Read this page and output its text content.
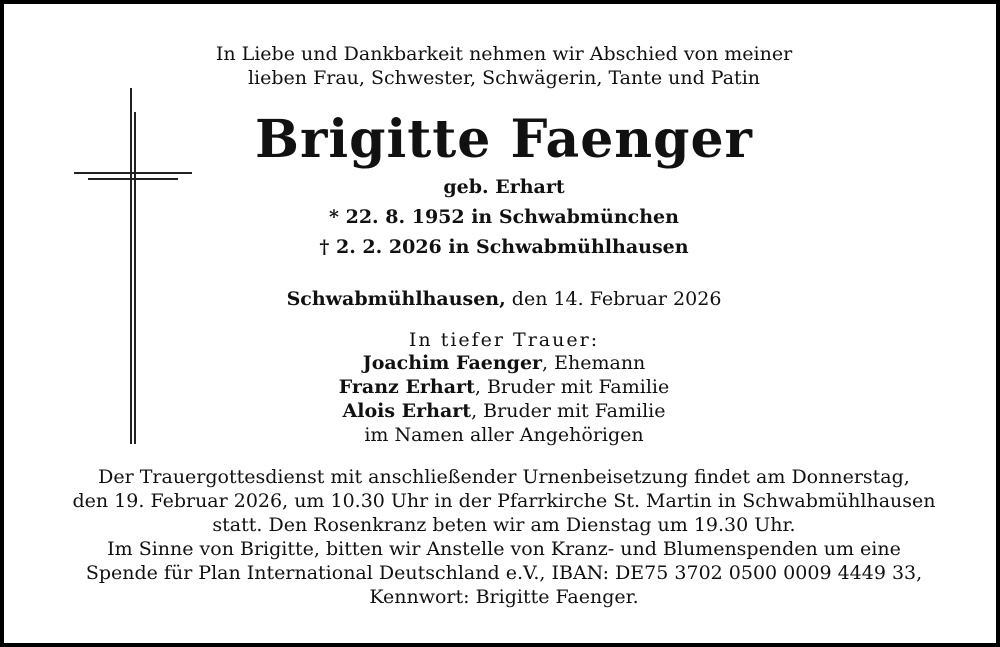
In Liebe und Dankbarkeit nehmen wir Abschied von meiner
lieben Frau, Schwester, Schwägerin, Tante und Patin
Brigitte Faenger
geb. Erhart
* 22. 8. 1952 in Schwabmünchen
† 2. 2. 2026 in Schwabmühlhausen
Schwabmühlhausen, den 14. Februar 2026
In tiefer Trauer:
Joachim Faenger, Ehemann
Franz Erhart, Bruder mit Familie
Alois Erhart, Bruder mit Familie
im Namen aller Angehörigen
Der Trauergottesdienst mit anschließender Urnenbeisetzung findet am Donnerstag,
den 19. Februar 2026, um 10.30 Uhr in der Pfarrkirche St. Martin in Schwabmühlhausen
statt. Den Rosenkranz beten wir am Dienstag um 19.30 Uhr.
Im Sinne von Brigitte, bitten wir Anstelle von Kranz- und Blumenspenden um eine
Spende für Plan International Deutschland e.V., IBAN: DE75 3702 0500 0009 4449 33,
Kennwort: Brigitte Faenger.
